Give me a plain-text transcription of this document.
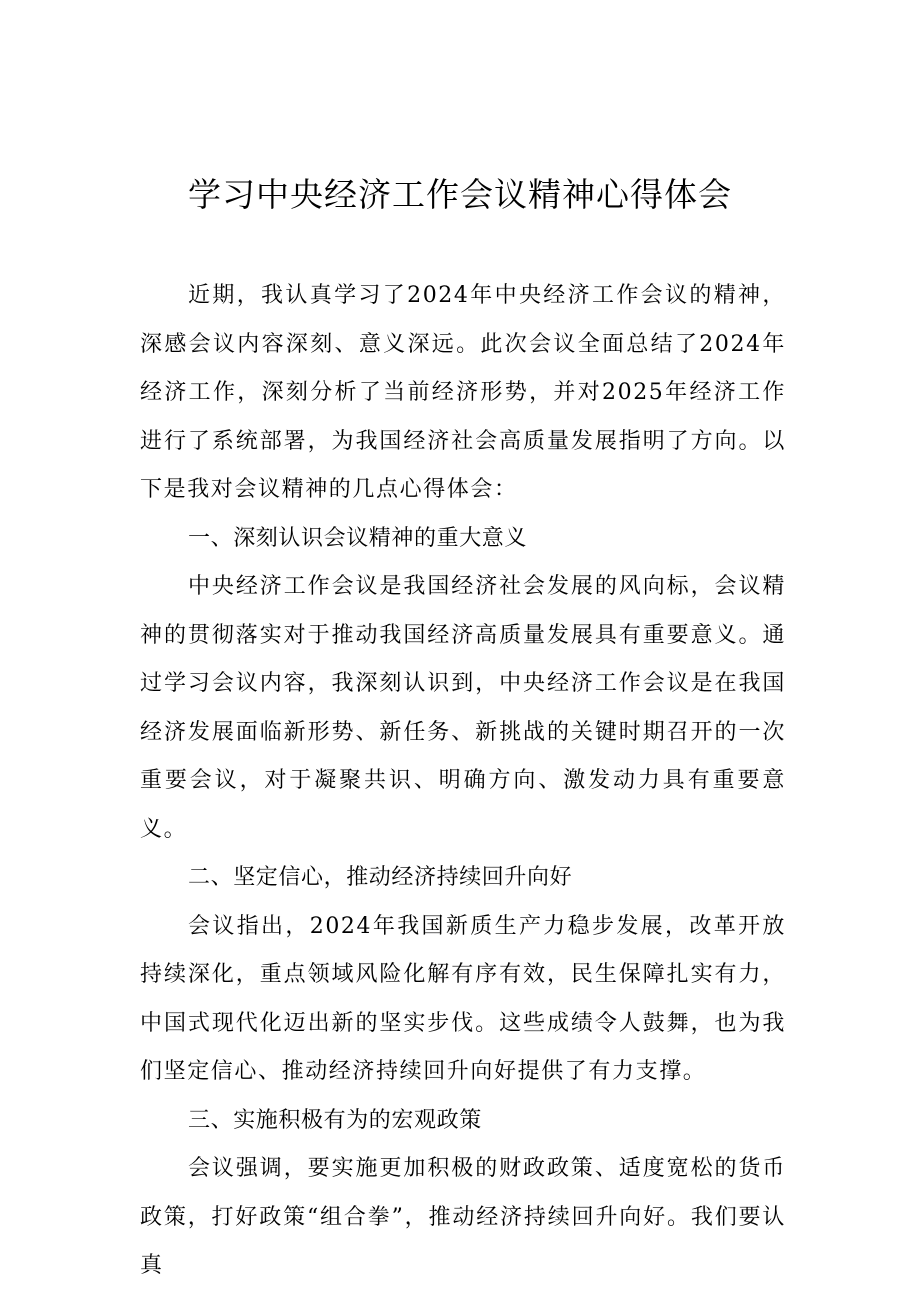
学习中央经济工作会议精神心得体会

近期，我认真学习了2024年中央经济工作会议的精神，深感会议内容深刻、意义深远。此次会议全面总结了2024年经济工作，深刻分析了当前经济形势，并对2025年经济工作进行了系统部署，为我国经济社会高质量发展指明了方向。以下是我对会议精神的几点心得体会：

一、深刻认识会议精神的重大意义

中央经济工作会议是我国经济社会发展的风向标，会议精神的贯彻落实对于推动我国经济高质量发展具有重要意义。通过学习会议内容，我深刻认识到，中央经济工作会议是在我国经济发展面临新形势、新任务、新挑战的关键时期召开的一次重要会议，对于凝聚共识、明确方向、激发动力具有重要意义。

二、坚定信心，推动经济持续回升向好

会议指出，2024年我国新质生产力稳步发展，改革开放持续深化，重点领域风险化解有序有效，民生保障扎实有力，中国式现代化迈出新的坚实步伐。这些成绩令人鼓舞，也为我们坚定信心、推动经济持续回升向好提供了有力支撑。

三、实施积极有为的宏观政策

会议强调，要实施更加积极的财政政策、适度宽松的货币政策，打好政策“组合拳”，推动经济持续回升向好。我们要认真
